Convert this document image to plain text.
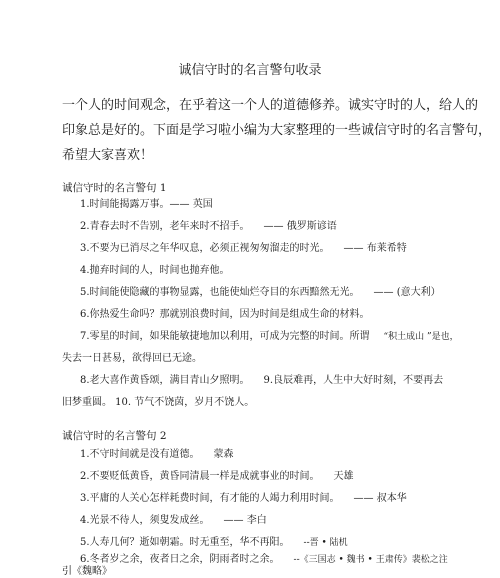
诚信守时的名言警句收录
一个人的时间观念，在乎着这一个人的道德修养。诚实守时的人，给人的
印象总是好的。下面是学习啦小编为大家整理的一些诚信守时的名言警句，
希望大家喜欢！
诚信守时的名言警句 1
1.时间能揭露万事。—— 英国
2.青春去时不告别，老年来时不招手。 —— 俄罗斯谚语
3.不要为已消尽之年华叹息，必须正视匆匆溜走的时光。 —— 布莱希特
4.抛弃时间的人，时间也抛弃他。
5.时间能使隐藏的事物显露，也能使灿烂夺目的东西黯然无光。 —— (意大利）
6.你热爱生命吗？那就别浪费时间，因为时间是组成生命的材料。
7.零星的时间，如果能敏捷地加以利用，可成为完整的时间。所谓 “积土成山 ”是也，
失去一日甚易，欲得回已无途。
8.老大喜作黄昏颂，满目青山夕照明。 9.良辰难再，人生中大好时刻，不要再去
旧梦重圆。 10. 节气不饶茵，岁月不饶人。
诚信守时的名言警句 2
1.不守时间就是没有道德。 蒙森
2.不要贬低黄昏，黄昏同清晨一样是成就事业的时间。 天雄
3.平庸的人关心怎样耗费时间，有才能的人竭力利用时间。 —— 叔本华
4.光景不待人，须叟发成丝。 —— 李白
5.人寿几何？逝如朝霜。时无重至，华不再阳。 --晋 • 陆机
6.冬者岁之余，夜者日之余，阴雨者时之余。 --《三国志 • 魏书 • 王肃传》裴松之注
引《魏略》
